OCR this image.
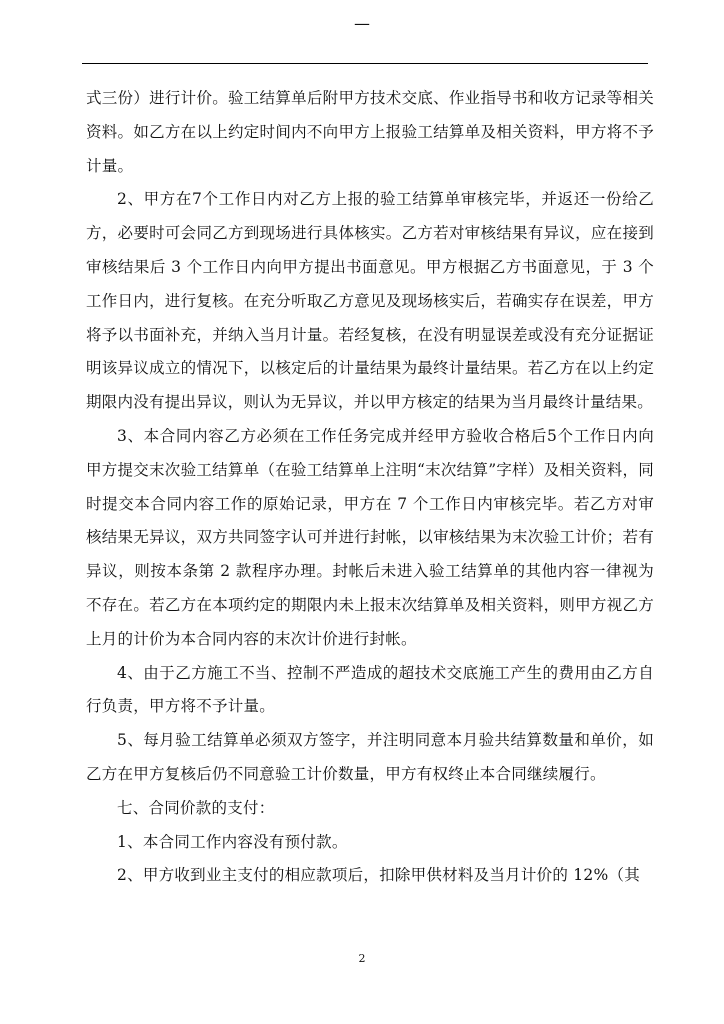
—

式三份）进行计价。验工结算单后附甲方技术交底、作业指导书和收方记录等相关资料。如乙方在以上约定时间内不向甲方上报验工结算单及相关资料，甲方将不予计量。

2、甲方在7个工作日内对乙方上报的验工结算单审核完毕，并返还一份给乙方，必要时可会同乙方到现场进行具体核实。乙方若对审核结果有异议，应在接到审核结果后 3 个工作日内向甲方提出书面意见。甲方根据乙方书面意见，于 3 个工作日内，进行复核。在充分听取乙方意见及现场核实后，若确实存在误差，甲方将予以书面补充，并纳入当月计量。若经复核，在没有明显误差或没有充分证据证明该异议成立的情况下，以核定后的计量结果为最终计量结果。若乙方在以上约定期限内没有提出异议，则认为无异议，并以甲方核定的结果为当月最终计量结果。

3、本合同内容乙方必须在工作任务完成并经甲方验收合格后5个工作日内向甲方提交末次验工结算单（在验工结算单上注明“末次结算”字样）及相关资料，同时提交本合同内容工作的原始记录，甲方在 7 个工作日内审核完毕。若乙方对审核结果无异议，双方共同签字认可并进行封帐，以审核结果为末次验工计价；若有异议，则按本条第 2 款程序办理。封帐后未进入验工结算单的其他内容一律视为不存在。若乙方在本项约定的期限内未上报末次结算单及相关资料，则甲方视乙方上月的计价为本合同内容的末次计价进行封帐。

4、由于乙方施工不当、控制不严造成的超技术交底施工产生的费用由乙方自行负责，甲方将不予计量。

5、每月验工结算单必须双方签字，并注明同意本月验共结算数量和单价，如乙方在甲方复核后仍不同意验工计价数量，甲方有权终止本合同继续履行。

七、合同价款的支付：

1、本合同工作内容没有预付款。

2、甲方收到业主支付的相应款项后，扣除甲供材料及当月计价的 12%（其

2
